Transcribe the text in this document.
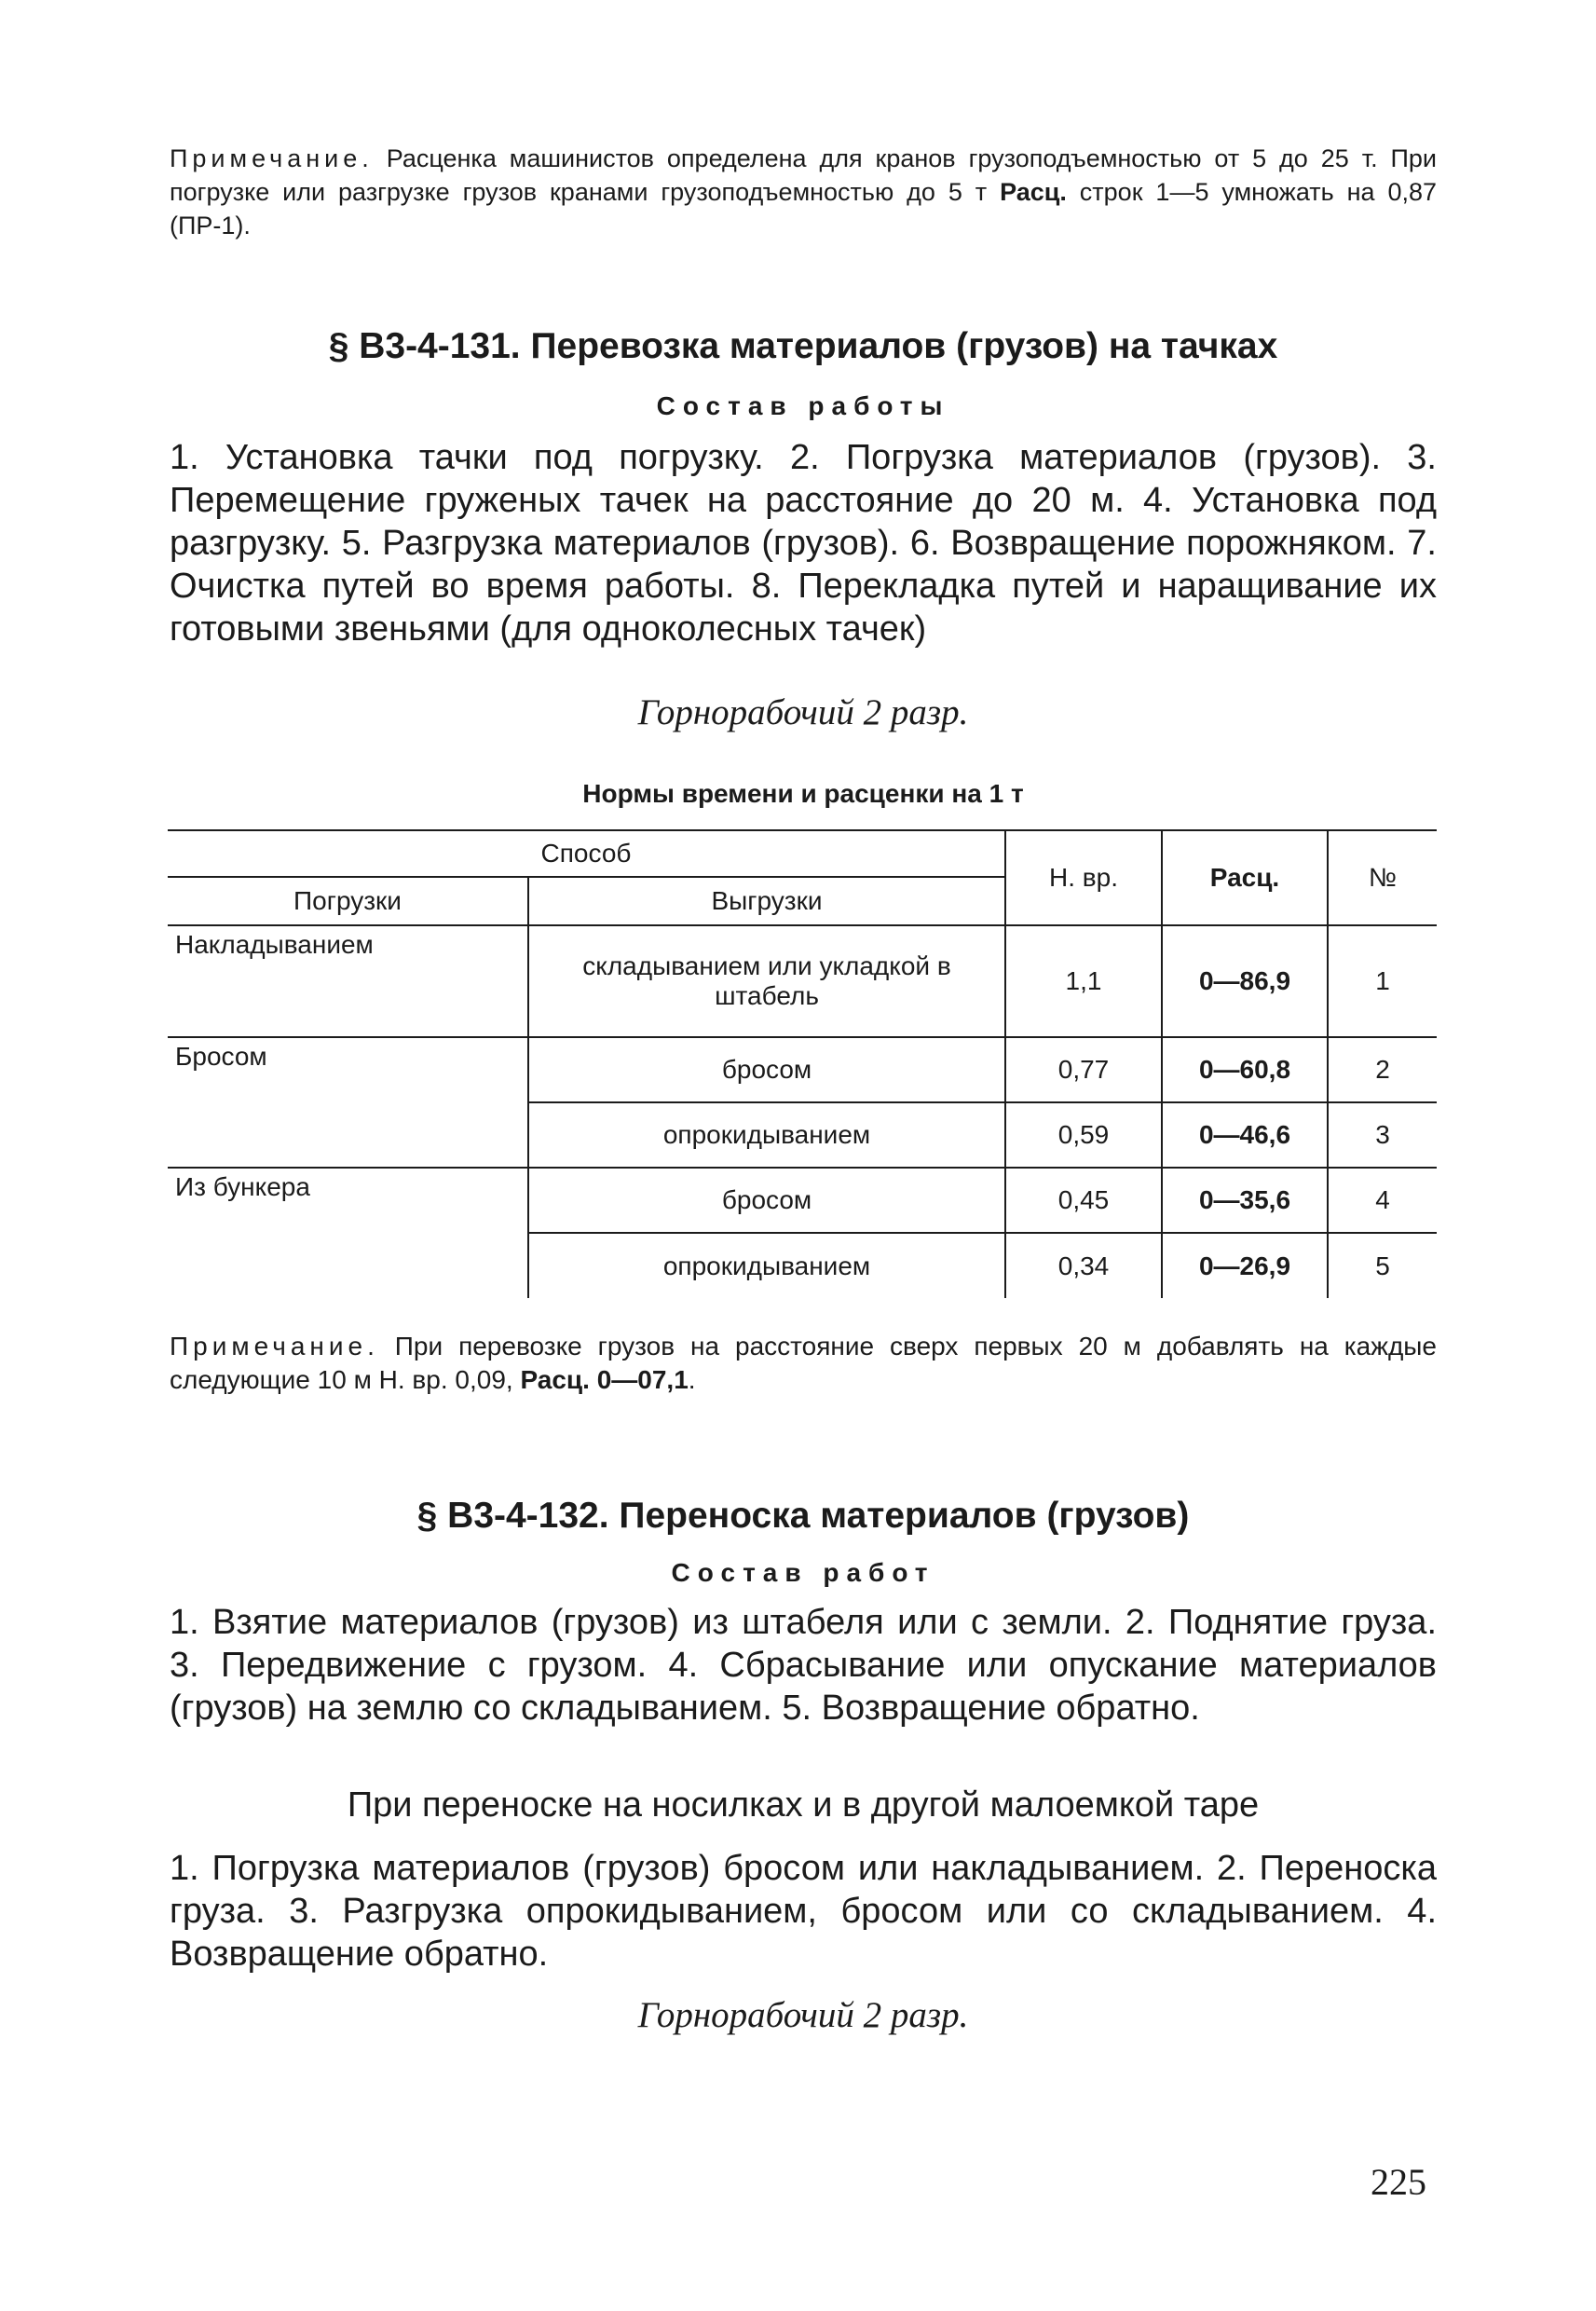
Примечание. Расценка машинистов определена для кранов грузоподъемностью от 5 до 25 т. При погрузке или разгрузке грузов кранами грузоподъемностью до 5 т Расц. строк 1—5 умножать на 0,87 (ПР-1).
§ В3-4-131. Перевозка материалов (грузов) на тачках
Состав работы
1. Установка тачки под погрузку. 2. Погрузка материалов (грузов). 3. Перемещение груженых тачек на расстояние до 20 м. 4. Установка под разгрузку. 5. Разгрузка материалов (грузов). 6. Возвращение порожняком. 7. Очистка путей во время работы. 8. Перекладка путей и наращивание их готовыми звеньями (для одноколесных тачек)
Горнорабочий 2 разр.
Нормы времени и расценки на 1 т
Способ		Н. вр.	Расц.	№
Погрузки	Выгрузки			
Накладыванием	складыванием или укладкой в штабель	1,1	0—86,9	1
Бросом	бросом	0,77	0—60,8	2
	опрокидыванием	0,59	0—46,6	3
Из бункера	бросом	0,45	0—35,6	4
	опрокидыванием	0,34	0—26,9	5
Примечание. При перевозке грузов на расстояние сверх первых 20 м добавлять на каждые следующие 10 м Н. вр. 0,09, Расц. 0—07,1.
§ В3-4-132. Переноска материалов (грузов)
Состав работ
1. Взятие материалов (грузов) из штабеля или с земли. 2. Поднятие груза. 3. Передвижение с грузом. 4. Сбрасывание или опускание материалов (грузов) на землю со складыванием. 5. Возвращение обратно.
При переноске на носилках и в другой малоемкой таре
1. Погрузка материалов (грузов) бросом или накладыванием. 2. Переноска груза. 3. Разгрузка опрокидыванием, бросом или со складыванием. 4. Возвращение обратно.
Горнорабочий 2 разр.
225
